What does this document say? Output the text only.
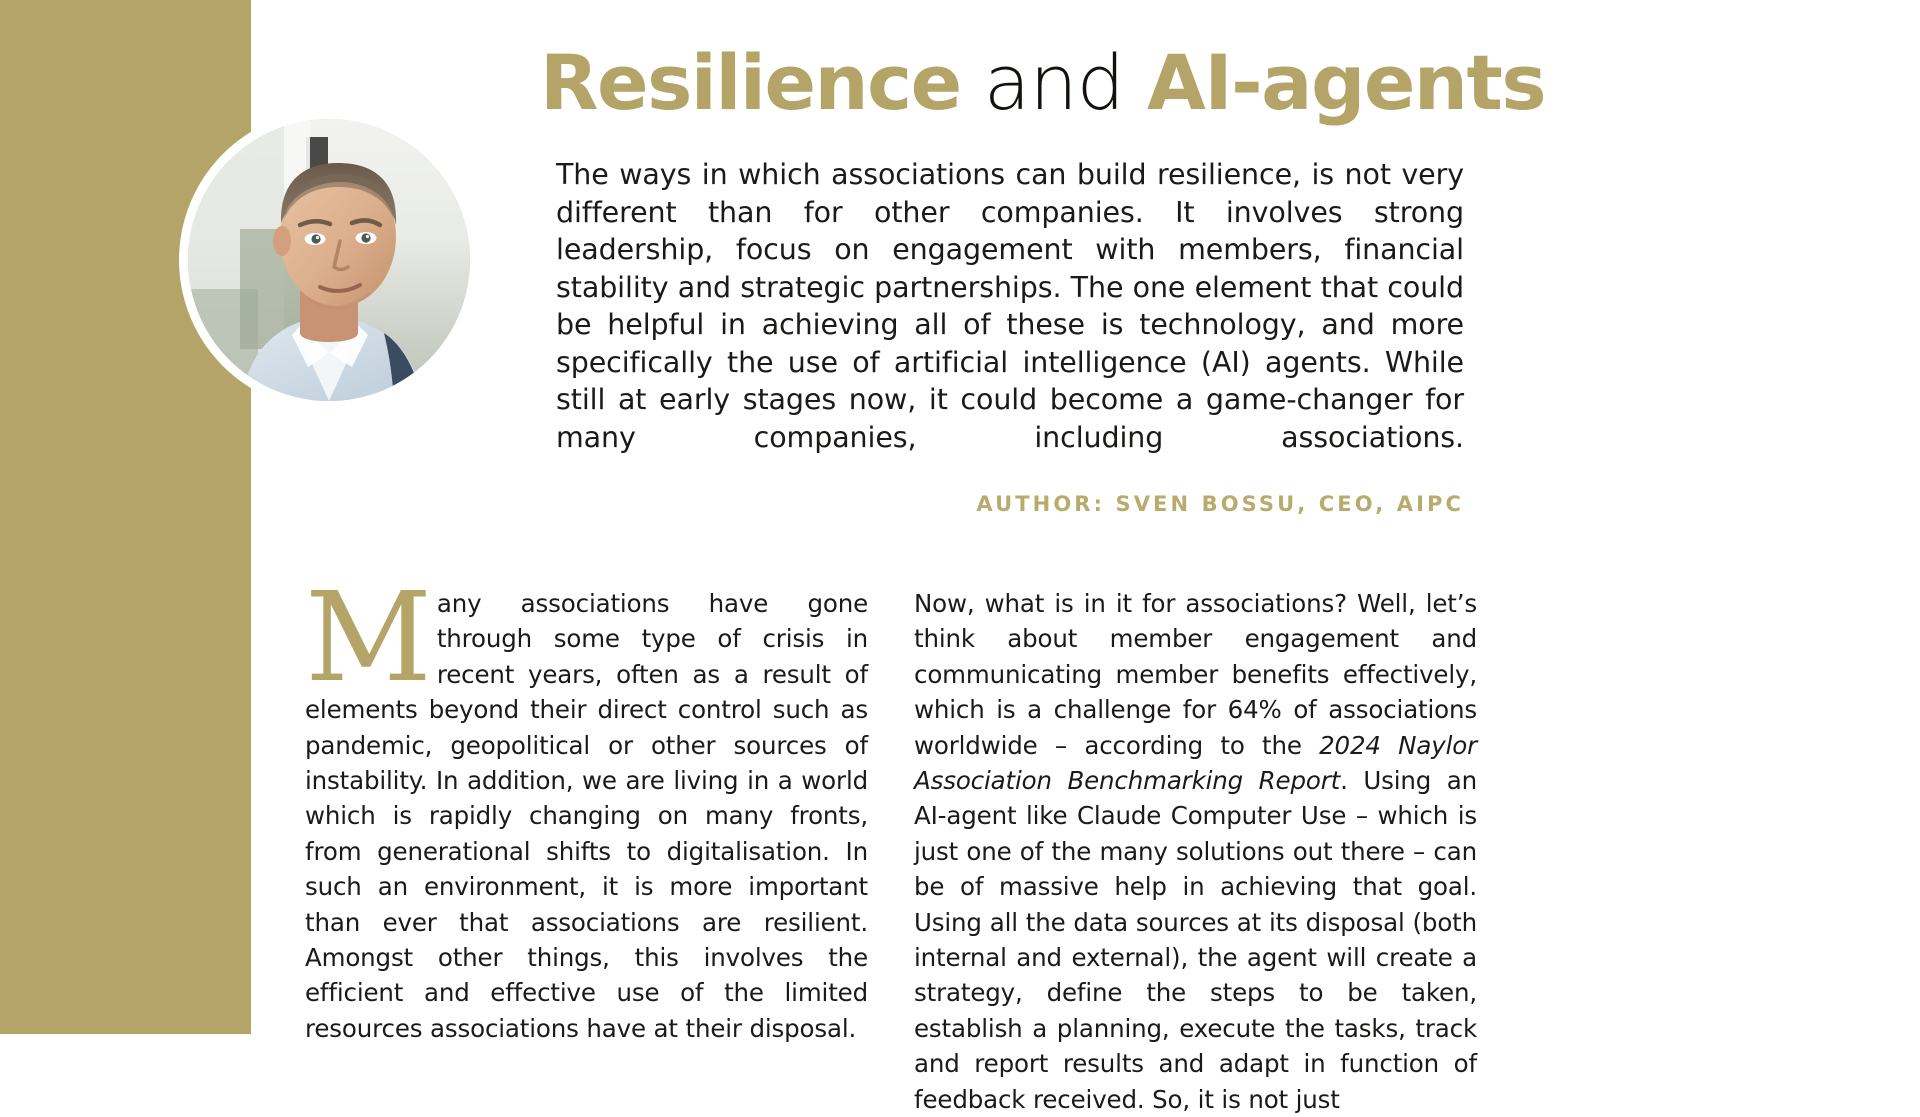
Resilience and AI-agents

The ways in which associations can build resilience, is not very different than for other companies. It involves strong leadership, focus on engagement with members, financial stability and strategic partnerships. The one element that could be helpful in achieving all of these is technology, and more specifically the use of artificial intelligence (AI) agents. While still at early stages now, it could become a game-changer for many companies, including associations.

AUTHOR: SVEN BOSSU, CEO, AIPC

Many associations have gone through some type of crisis in recent years, often as a result of elements beyond their direct control such as pandemic, geopolitical or other sources of instability. In addition, we are living in a world which is rapidly changing on many fronts, from generational shifts to digitalisation. In such an environment, it is more important than ever that associations are resilient. Amongst other things, this involves the efficient and effective use of the limited resources associations have at their disposal.

Now, what is in it for associations? Well, let’s think about member engagement and communicating member benefits effectively, which is a challenge for 64% of associations worldwide – according to the 2024 Naylor Association Benchmarking Report. Using an AI-agent like Claude Computer Use – which is just one of the many solutions out there – can be of massive help in achieving that goal. Using all the data sources at its disposal (both internal and external), the agent will create a strategy, define the steps to be taken, establish a planning, execute the tasks, track and report results and adapt in function of feedback received. So, it is not just
